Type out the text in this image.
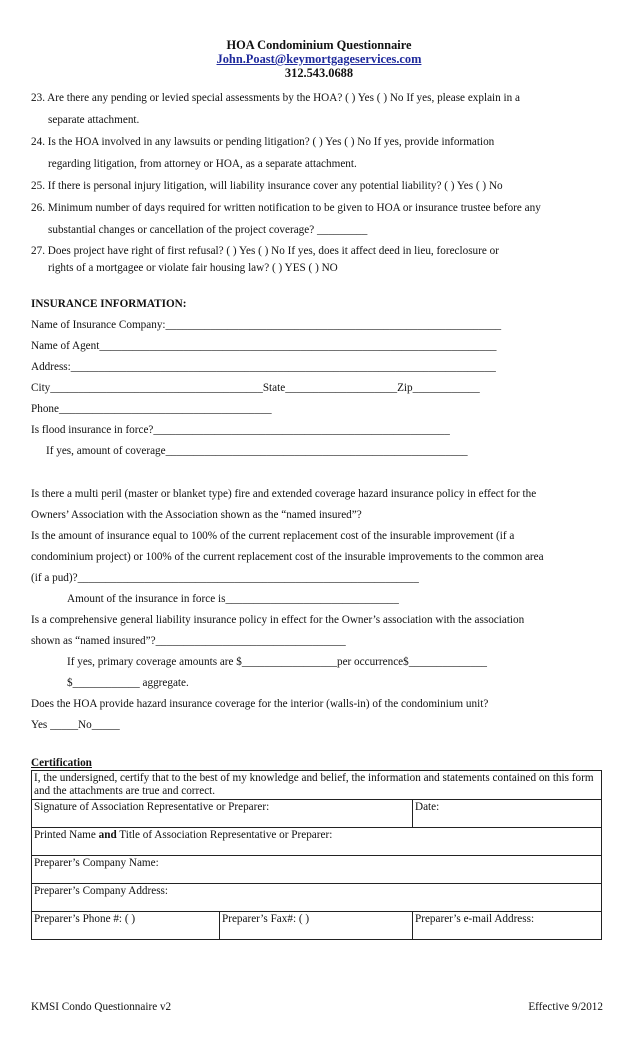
HOA Condominium Questionnaire
John.Poast@keymortgageservices.com
312.543.0688
23. Are there any pending or levied special assessments by the HOA? ( ) Yes ( ) No If yes, please explain in a
separate attachment.
24. Is the HOA involved in any lawsuits or pending litigation? ( ) Yes ( ) No If yes, provide information
regarding litigation, from attorney or HOA, as a separate attachment.
25. If there is personal injury litigation, will liability insurance cover any potential liability? ( ) Yes ( ) No
26. Minimum number of days required for written notification to be given to HOA or insurance trustee before any
substantial changes or cancellation of the project coverage? _________
27. Does project have right of first refusal? ( ) Yes ( ) No If yes, does it affect deed in lieu, foreclosure or
rights of a mortgagee or violate fair housing law? ( ) YES ( ) NO
INSURANCE INFORMATION:
Name of Insurance Company:____________________________________________________________
Name of Agent_______________________________________________________________________
Address:____________________________________________________________________________
City______________________________________State____________________Zip____________
Phone______________________________________
Is flood insurance in force?_____________________________________________________
If yes, amount of coverage______________________________________________________
Is there a multi peril (master or blanket type) fire and extended coverage hazard insurance policy in effect for the
Owners’ Association with the Association shown as the “named insured”?
Is the amount of insurance equal to 100% of the current replacement cost of the insurable improvement (if a
condominium project) or 100% of the current replacement cost of the insurable improvements to the common area
(if a pud)?_____________________________________________________________
Amount of the insurance in force is_______________________________
Is a comprehensive general liability insurance policy in effect for the Owner’s association with the association
shown as “named insured”?__________________________________
If yes, primary coverage amounts are $_________________per occurrence$______________
$____________ aggregate.
Does the HOA provide hazard insurance coverage for the interior (walls-in) of the condominium unit?
Yes _____No_____
Certification
I, the undersigned, certify that to the best of my knowledge and belief, the information and statements contained on this form and the attachments are true and correct.		
Signature of Association Representative or Preparer:		Date:
Printed Name and Title of Association Representative or Preparer:		
Preparer’s Company Name:		
Preparer’s Company Address:		
Preparer’s Phone #: ( )	Preparer’s Fax#: ( )	Preparer’s e-mail Address:
KMSI Condo Questionnaire v2	Effective 9/2012
